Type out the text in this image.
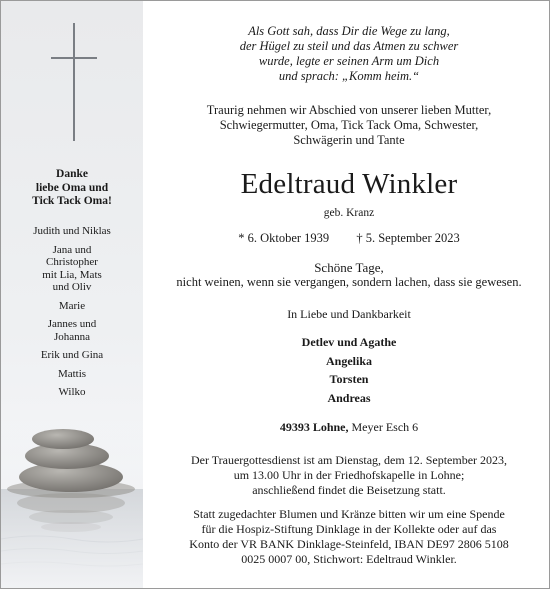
Danke
liebe Oma und
Tick Tack Oma!
Judith und Niklas
Jana und
Christopher
mit Lia, Mats
und Oliv
Marie
Jannes und
Johanna
Erik und Gina
Mattis
Wilko
Als Gott sah, dass Dir die Wege zu lang,
der Hügel zu steil und das Atmen zu schwer
wurde, legte er seinen Arm um Dich
und sprach: „Komm heim.“
Traurig nehmen wir Abschied von unserer lieben Mutter,
Schwiegermutter, Oma, Tick Tack Oma, Schwester,
Schwägerin und Tante
Edeltraud Winkler
geb. Kranz
* 6. Oktober 1939 † 5. September 2023
Schöne Tage,
nicht weinen, wenn sie vergangen, sondern lachen, dass sie gewesen.
In Liebe und Dankbarkeit
Detlev und Agathe
Angelika
Torsten
Andreas
49393 Lohne, Meyer Esch 6
Der Trauergottesdienst ist am Dienstag, dem 12. September 2023,
um 13.00 Uhr in der Friedhofskapelle in Lohne;
anschließend findet die Beisetzung statt.
Statt zugedachter Blumen und Kränze bitten wir um eine Spende
für die Hospiz-Stiftung Dinklage in der Kollekte oder auf das
Konto der VR BANK Dinklage-Steinfeld, IBAN DE97 2806 5108
0025 0007 00, Stichwort: Edeltraud Winkler.
